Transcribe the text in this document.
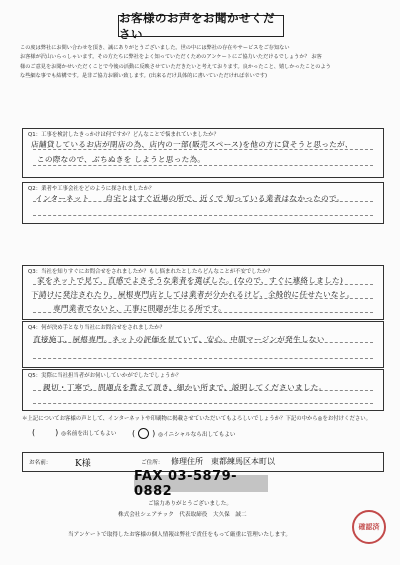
お客様のお声をお聞かせください
この度は弊社にお問い合わせを頂き、誠にありがとうございました。世の中には弊社の存在やサービスをご存知ない
お客様が沢山いらっしゃいます。その方たちに弊社をよく知っていただくためのアンケートにご協力いただけるでしょうか？ お客
様のご意見をお聞かせいただくことで今後の活動に反映させていただきたいと考えております。良かったこと、嬉しかったことのよう
な些細な事でも結構です。是非ご協力お願い致します。(出来るだけ具体的に書いていただければ幸いです)
Q1：工事を検討したきっかけは何ですか？どんなことで悩まれていましたか？
店舗貸しているお店が閉店の為、店内の一部(販売スペース)を他の方に貸そうと思ったが、
この際なので、ぶちぬきを しようと思った為。
Q2：業者や工事会社をどのように探されましたか？
インターネット　　自宅とはすぐ近場の所で、近くで 知っている業者はなかったので。
Q3：当社を知りすぐにお問合せをされましたか？もし悩まれたとしたらどんなことが不安でしたか？
家をネットで見て、直感でよさそうな業者を選ばした。(なので、すぐに連絡しました)
下請けに発注されたり、屋根専門店としては業者が分かれるけど、全般的に任せたいなと。
専門業者でないと、工事に問題が生じる所です。
Q4：何が決め手となり当社にお問合せをされましたか？
直接施工、屋根専門。ネットの評価を見ていて、安心。中間マージンが発生しない
Q5：実際に当社担当者がお伺いしていかがでしたでしょうか？
親切・丁寧で、問題点を教えて頂き、細かい所まで、説明してくださいました。
＊上記についてお客様の声として、インターネットや印刷物に掲載させていただいてもよろしいでしょうか？下記の中から◎をお付けください。
(	) ◎名前を出してもよい ( ) ◎イニシャルなら出してもよい
お名前：	K様	ご住所： 修理住所　東都練馬区本町以
FAX 03-5879-0882
ご協力ありがとうございました。
株式会社シェアテック　代表取締役　大久保　誠二
当アンケートで取得したお客様の個人情報は弊社で責任をもって厳重に管理いたします。
確認済
